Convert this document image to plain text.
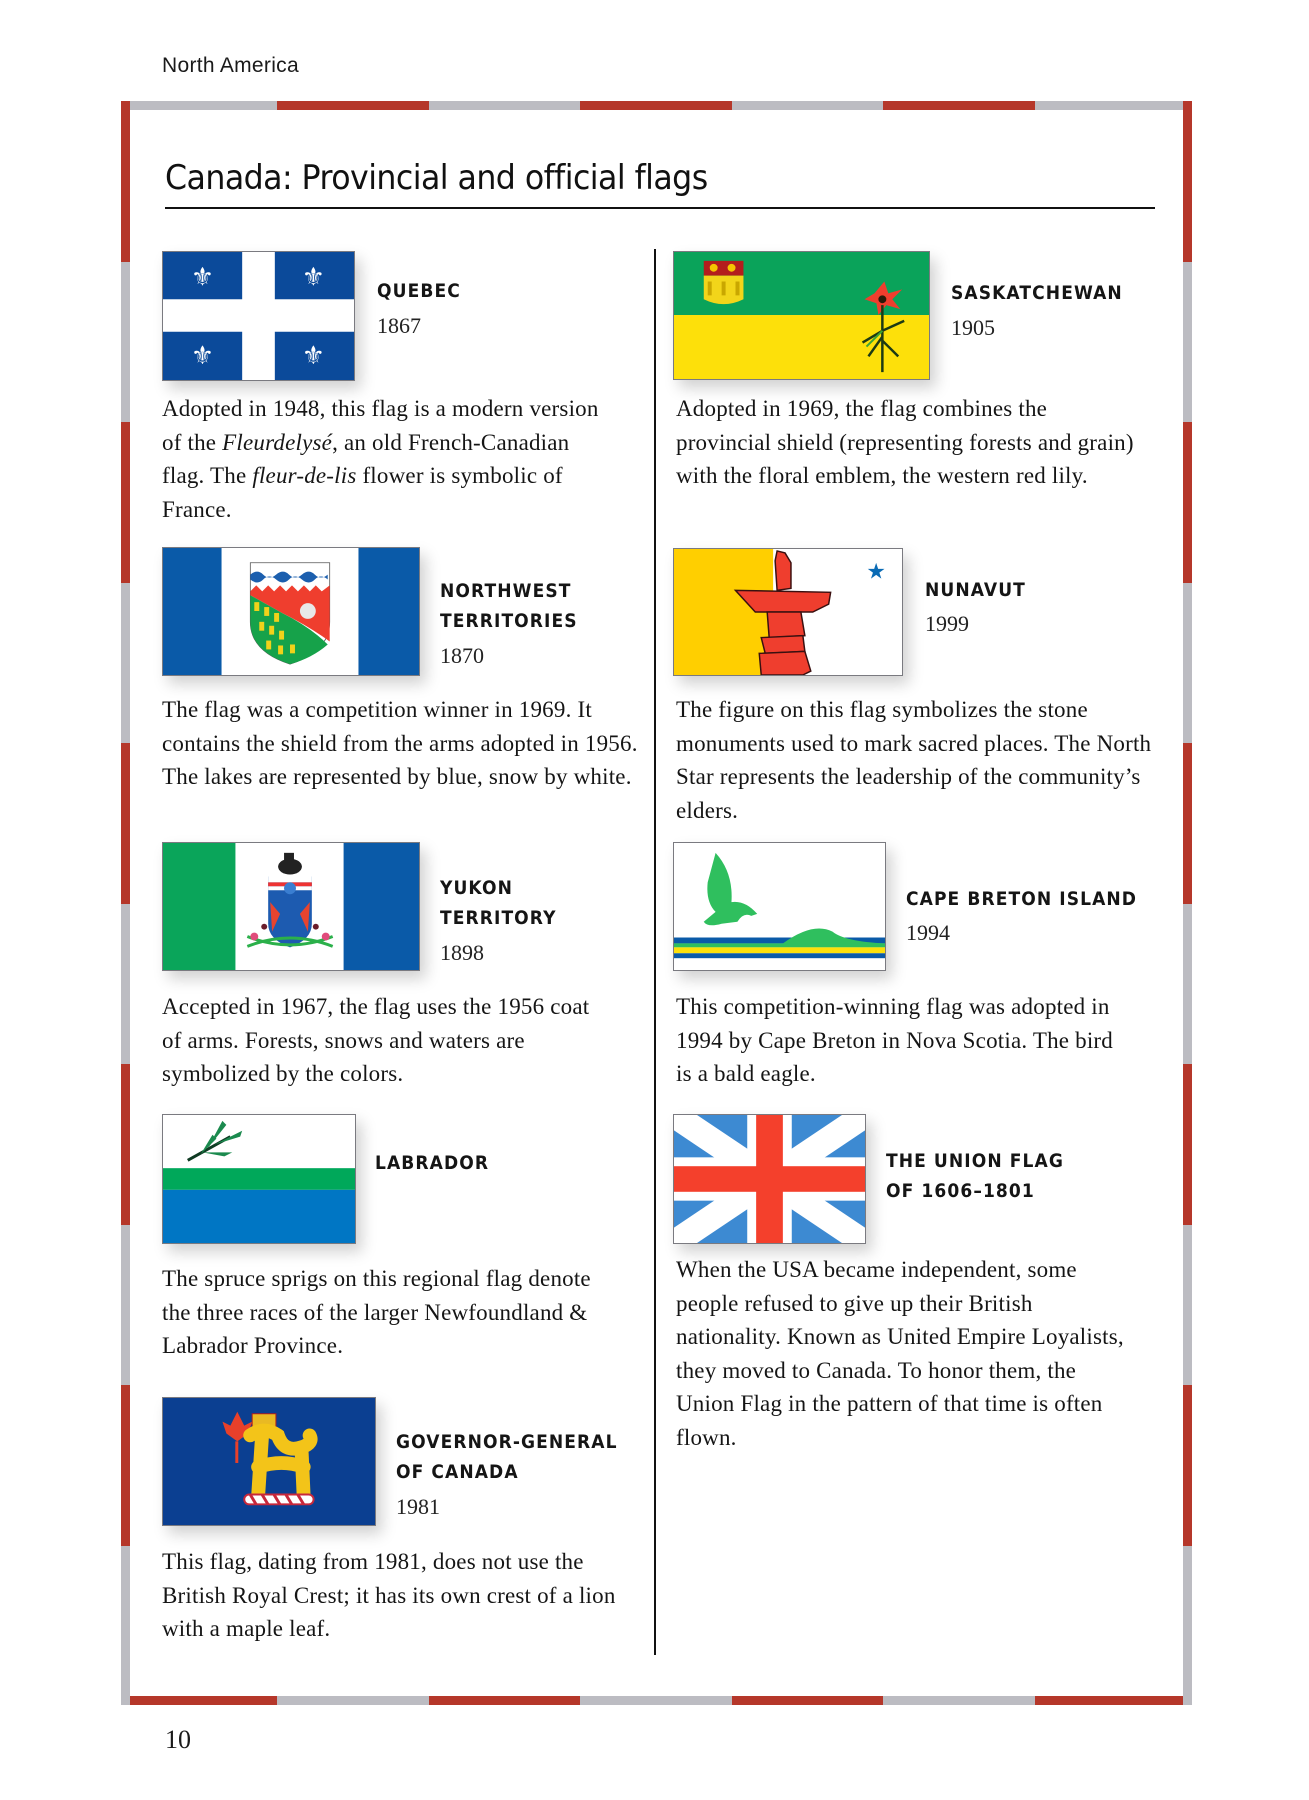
North America
Canada: Provincial and official flags
⚜	⚜
⚜	⚜
QUEBEC
1867

Adopted in 1948, this flag is a modern version of the Fleurdelysé, an old French-Canadian flag. The fleur-de-lis flower is symbolic of France.

NORTHWEST
TERRITORIES
1870

The flag was a competition winner in 1969. It contains the shield from the arms adopted in 1956. The lakes are represented by blue, snow by white.

YUKON
TERRITORY
1898

Accepted in 1967, the flag uses the 1956 coat of arms. Forests, snows and waters are symbolized by the colors.

LABRADOR

The spruce sprigs on this regional flag denote the three races of the larger Newfoundland & Labrador Province.

GOVERNOR-GENERAL
OF CANADA
1981

This flag, dating from 1981, does not use the British Royal Crest; it has its own crest of a lion with a maple leaf.

SASKATCHEWAN
1905

Adopted in 1969, the flag combines the provincial shield (representing forests and grain) with the floral emblem, the western red lily.

★
NUNAVUT
1999

The figure on this flag symbolizes the stone monuments used to mark sacred places. The North Star represents the leadership of the community’s elders.

CAPE BRETON ISLAND
1994

This competition-winning flag was adopted in 1994 by Cape Breton in Nova Scotia. The bird is a bald eagle.

THE UNION FLAG
OF 1606–1801

When the USA became independent, some people refused to give up their British nationality. Known as United Empire Loyalists, they moved to Canada. To honor them, the Union Flag in the pattern of that time is often flown.

10
